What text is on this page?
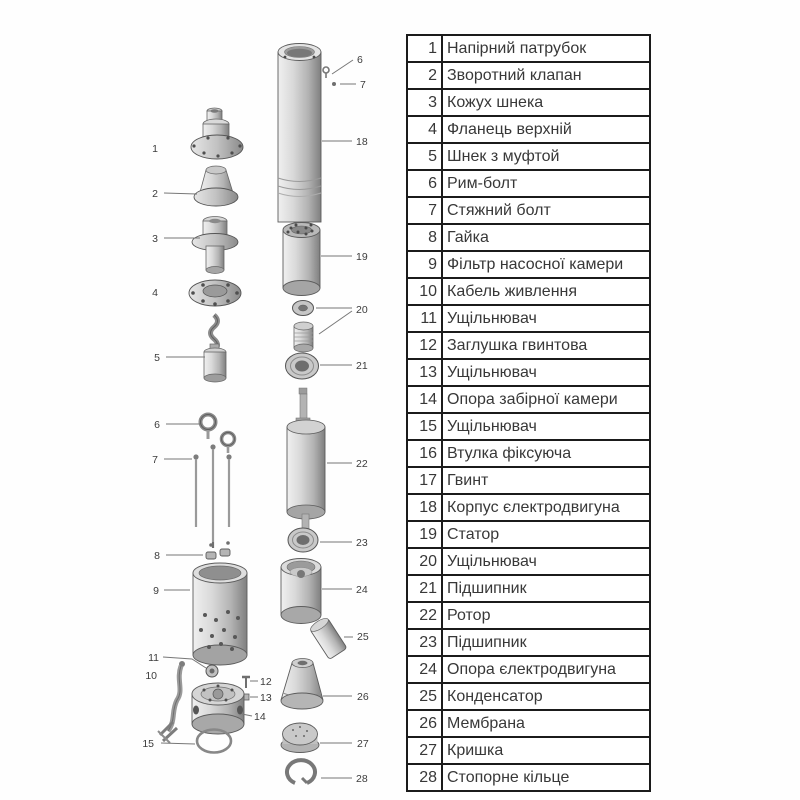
1
2
3
4
5
6
7
8
9
11
10	12
13
14
15
6
7
18
19
20
21
22
23
24
25
26
27
28
1 Напірний патрубок
2 Зворотний клапан
3 Кожух шнека
4 Фланець верхній
5 Шнек з муфтой
6 Рим-болт
7 Стяжний болт
8 Гайка
9 Фільтр насосної камери
10 Кабель живлення
11 Ущільнювач
12 Заглушка гвинтова
13 Ущільнювач
14 Опора забірної камери
15 Ущільнювач
16 Втулка фіксуюча
17 Гвинт
18 Корпус єлектродвигуна
19 Статор
20 Ущільнювач
21 Підшипник
22 Ротор
23 Підшипник
24 Опора єлектродвигуна
25 Конденсатор
26 Мембрана
27 Кришка
28 Стопорне кільце
